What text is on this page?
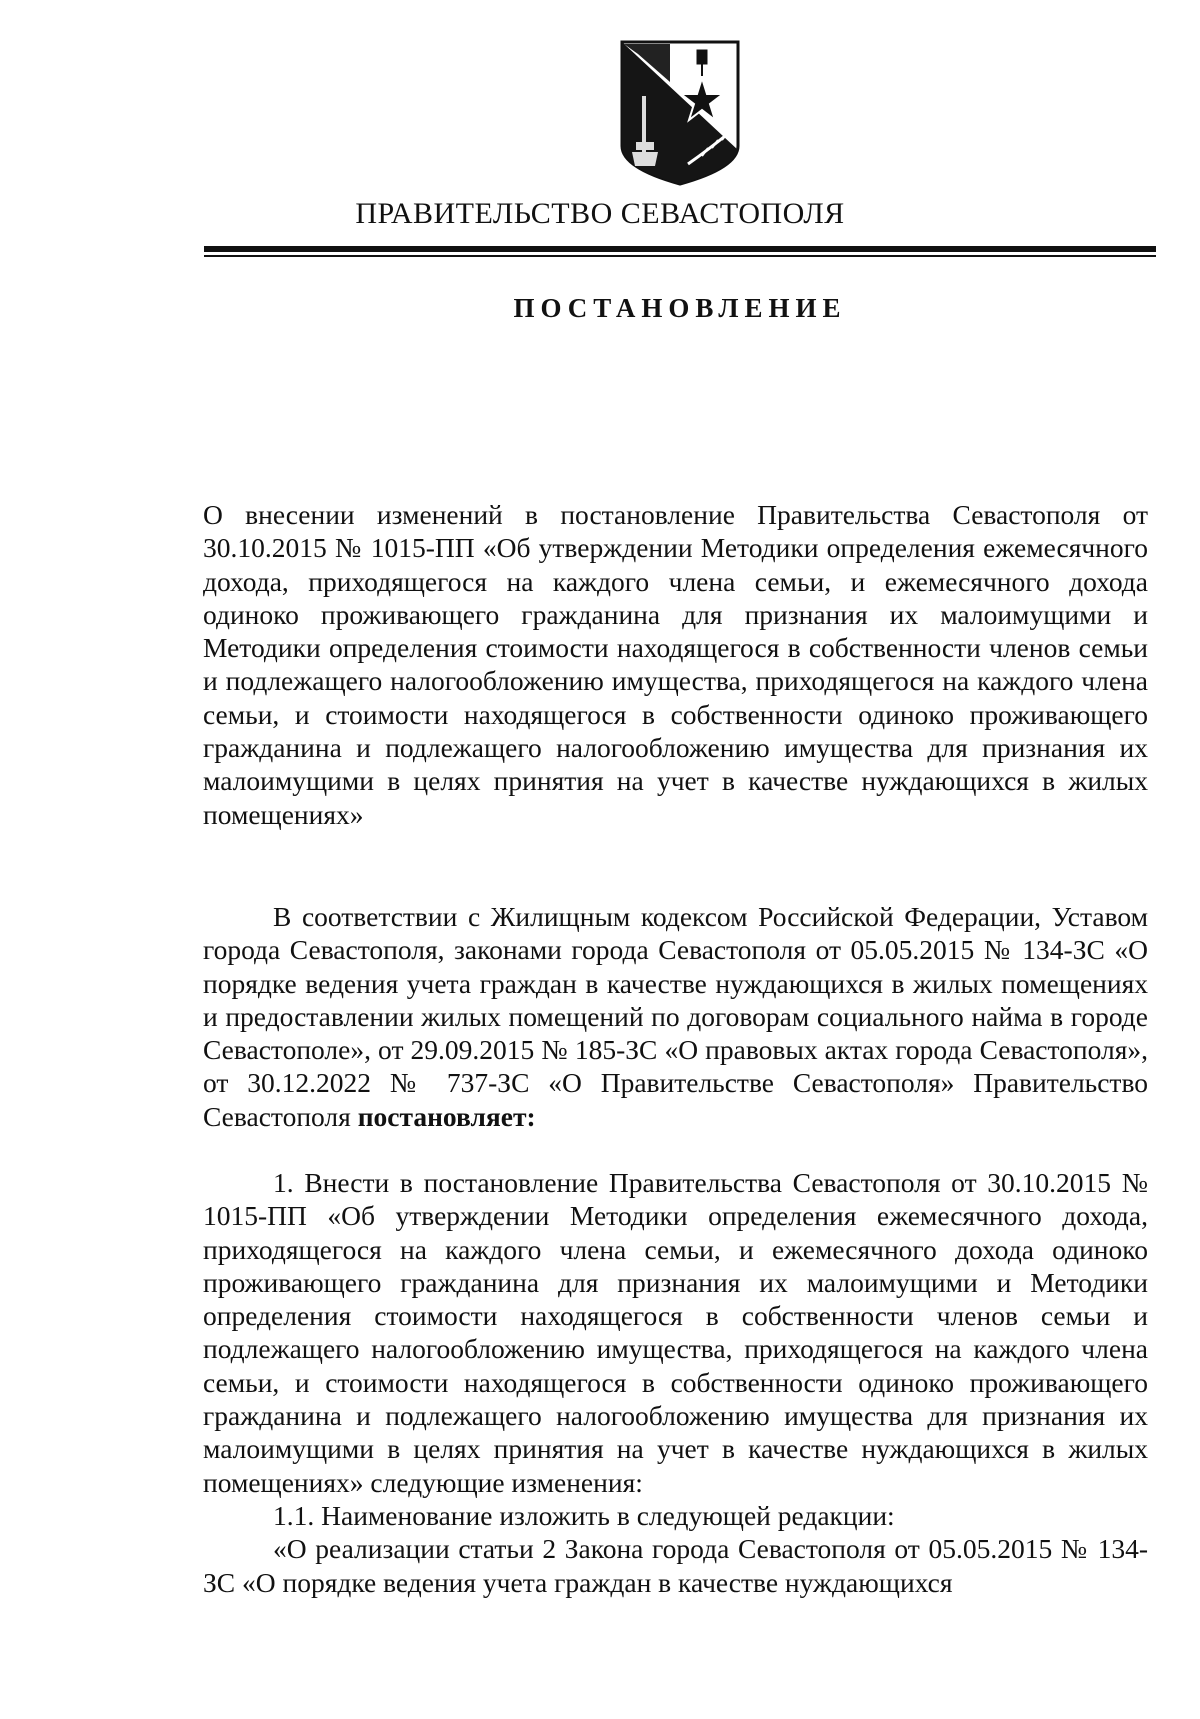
ПРАВИТЕЛЬСТВО СЕВАСТОПОЛЯ
ПОСТАНОВЛЕНИЕ

О внесении изменений в постановление Правительства Севастополя от 30.10.2015 № 1015-ПП «Об утверждении Методики определения ежемесячного дохода, приходящегося на каждого члена семьи, и ежемесячного дохода одиноко проживающего гражданина для признания их малоимущими и Методики определения стоимости находящегося в собственности членов семьи и подлежащего налогообложению имущества, приходящегося на каждого члена семьи, и стоимости находящегося в собственности одиноко проживающего гражданина и подлежащего налогообложению имущества для признания их малоимущими в целях принятия на учет в качестве нуждающихся в жилых помещениях»

В соответствии с Жилищным кодексом Российской Федерации, Уставом города Севастополя, законами города Севастополя от 05.05.2015 № 134-ЗС «О порядке ведения учета граждан в качестве нуждающихся в жилых помещениях и предоставлении жилых помещений по договорам социального найма в городе Севастополе», от 29.09.2015 № 185-ЗС «О правовых актах города Севастополя», от 30.12.2022 № 737-ЗС «О Правительстве Севастополя» Правительство Севастополя постановляет:

1. Внести в постановление Правительства Севастополя от 30.10.2015 № 1015-ПП «Об утверждении Методики определения ежемесячного дохода, приходящегося на каждого члена семьи, и ежемесячного дохода одиноко проживающего гражданина для признания их малоимущими и Методики определения стоимости находящегося в собственности членов семьи и подлежащего налогообложению имущества, приходящегося на каждого члена семьи, и стоимости находящегося в собственности одиноко проживающего гражданина и подлежащего налогообложению имущества для признания их малоимущими в целях принятия на учет в качестве нуждающихся в жилых помещениях» следующие изменения:

1.1. Наименование изложить в следующей редакции:

«О реализации статьи 2 Закона города Севастополя от 05.05.2015 № 134-ЗС «О порядке ведения учета граждан в качестве нуждающихся
